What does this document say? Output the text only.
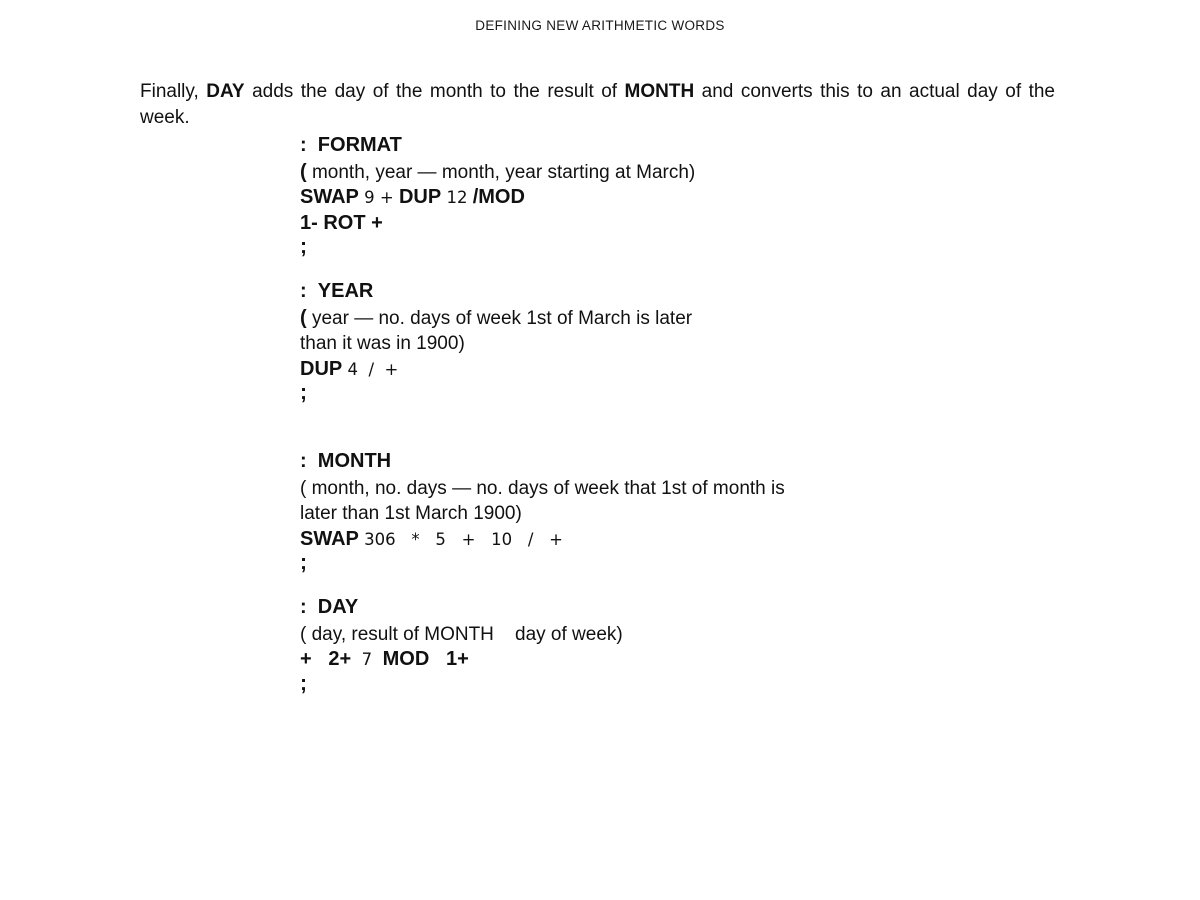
DEFINING NEW ARITHMETIC WORDS

Finally, DAY adds the day of the month to the result of MONTH and converts this to an actual day of the week.

: FORMAT
( month, year — month, year starting at March)
SWAP 9 + DUP 12 /MOD
1- ROT +
;
: YEAR
( year — no. days of week 1st of March is later
than it was in 1900)
DUP 4  /  +
;
: MONTH
( month, no. days — no. days of week that 1st of month is
later than 1st March 1900)
SWAP 306   *   5   +   10   /   +
;
: DAY
( day, result of MONTH    day of week)
+   2+  7  MOD   1+
;
